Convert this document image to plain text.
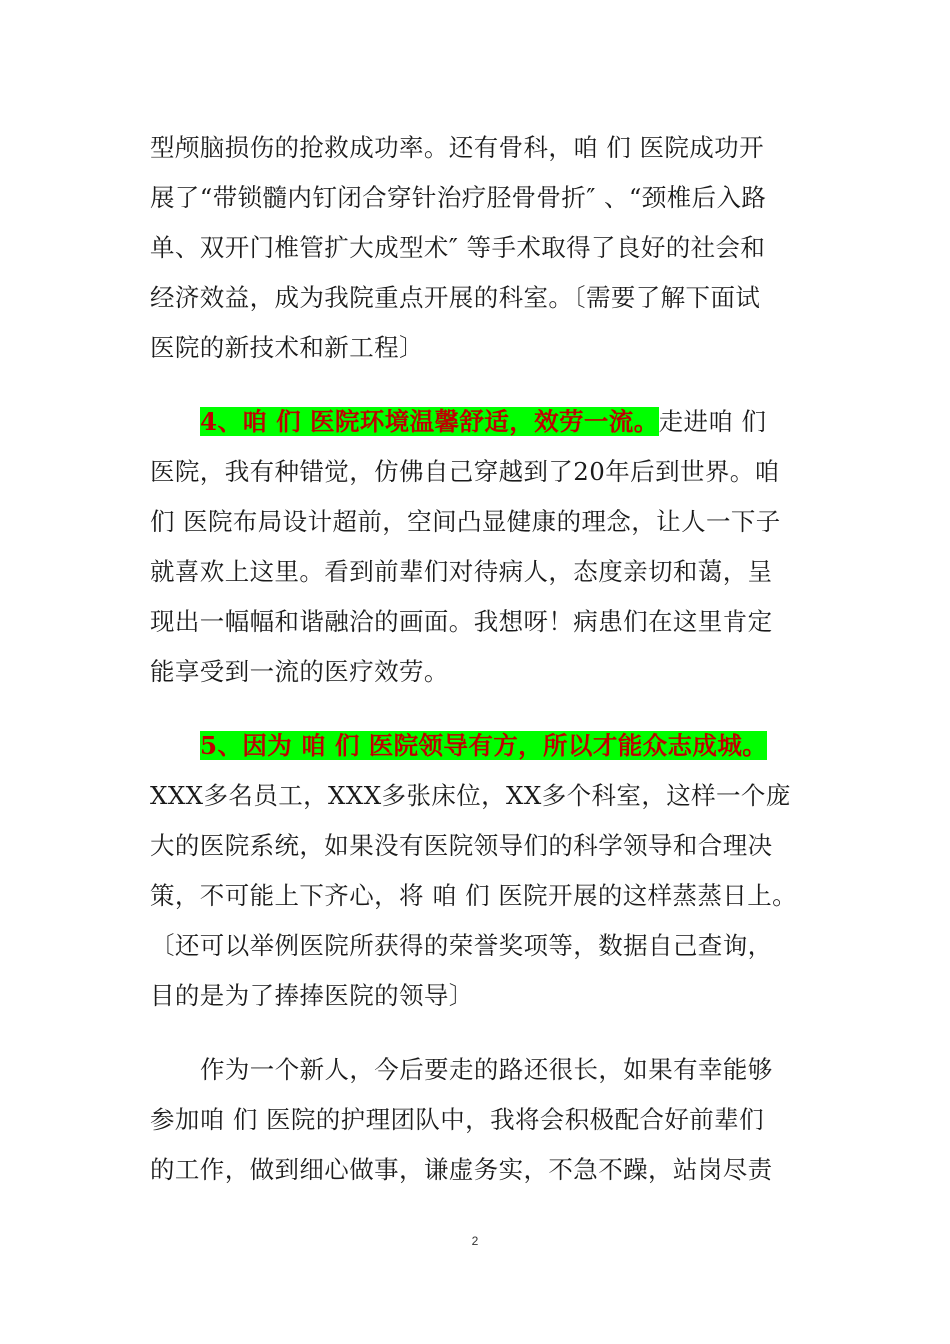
型颅脑损伤的抢救成功率。还有骨科，咱 们 医院成功开
展了“带锁髓内钉闭合穿针治疗胫骨骨折″ 、“颈椎后入路
单、双开门椎管扩大成型术″ 等手术取得了良好的社会和
经济效益，成为我院重点开展的科室。〔需要了解下面试
医院的新技术和新工程〕
4、咱 们 医院环境温馨舒适，效劳一流。走进咱 们
医院，我有种错觉，仿佛自己穿越到了20年后到世界。咱
们 医院布局设计超前，空间凸显健康的理念，让人一下子
就喜欢上这里。看到前辈们对待病人，态度亲切和蔼，呈
现出一幅幅和谐融洽的画面。我想呀！病患们在这里肯定
能享受到一流的医疗效劳。
5、因为 咱 们 医院领导有方，所以才能众志成城。
XXX多名员工，XXX多张床位，XX多个科室，这样一个庞
大的医院系统，如果没有医院领导们的科学领导和合理决
策，不可能上下齐心，将 咱 们 医院开展的这样蒸蒸日上。
〔还可以举例医院所获得的荣誉奖项等，数据自己查询，
目的是为了捧捧医院的领导〕
作为一个新人，今后要走的路还很长，如果有幸能够
参加咱 们 医院的护理团队中，我将会积极配合好前辈们
的工作，做到细心做事，谦虚务实，不急不躁，站岗尽责
2
